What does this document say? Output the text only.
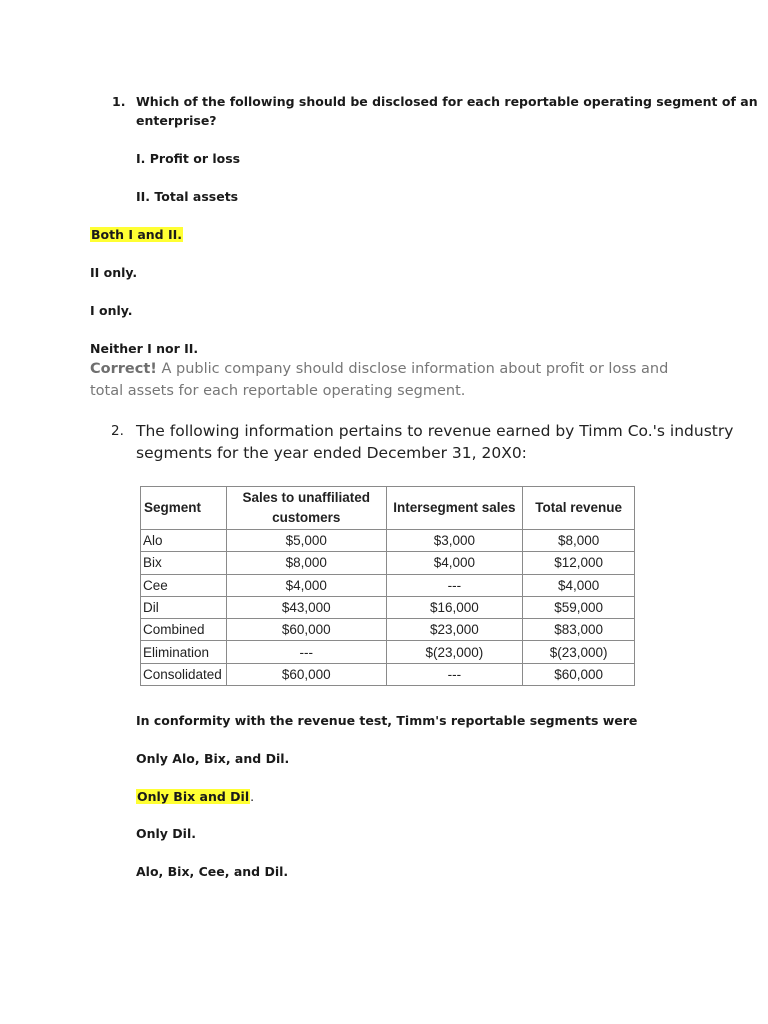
1. Which of the following should be disclosed for each reportable operating segment of an
enterprise?
I. Profit or loss
II. Total assets
Both I and II.
II only.
I only.
Neither I nor II.
Correct! A public company should disclose information about profit or loss and
total assets for each reportable operating segment.
2. The following information pertains to revenue earned by Timm Co.'s industry
segments for the year ended December 31, 20X0:
Segment	Sales to unaffiliated customers	Intersegment sales	Total revenue
Alo	$5,000	$3,000	$8,000
Bix	$8,000	$4,000	$12,000
Cee	$4,000	---	$4,000
Dil	$43,000	$16,000	$59,000
Combined	$60,000	$23,000	$83,000
Elimination	---	$(23,000)	$(23,000)
Consolidated	$60,000	---	$60,000
In conformity with the revenue test, Timm's reportable segments were
Only Alo, Bix, and Dil.
Only Bix and Dil.
Only Dil.
Alo, Bix, Cee, and Dil.
